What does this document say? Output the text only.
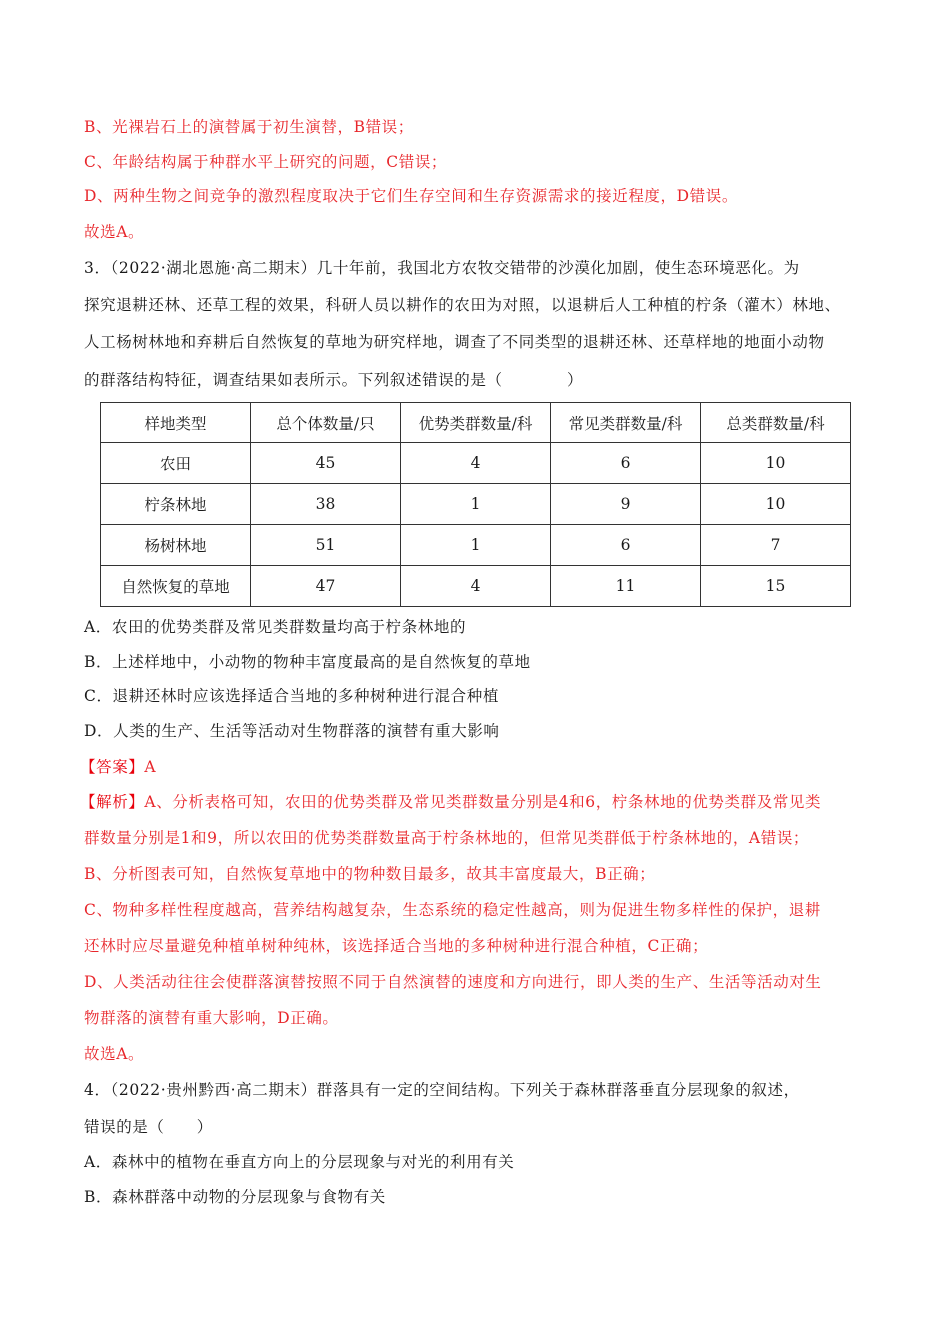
B、光裸岩石上的演替属于初生演替，B错误；
C、年龄结构属于种群水平上研究的问题，C错误；
D、两种生物之间竞争的激烈程度取决于它们生存空间和生存资源需求的接近程度，D错误。
故选A。
3．（2022·湖北恩施·高二期末）几十年前，我国北方农牧交错带的沙漠化加剧，使生态环境恶化。为
探究退耕还林、还草工程的效果，科研人员以耕作的农田为对照，以退耕后人工种植的柠条（灌木）林地、
人工杨树林地和弃耕后自然恢复的草地为研究样地，调查了不同类型的退耕还林、还草样地的地面小动物
的群落结构特征，调查结果如表所示。下列叙述错误的是（　　　　）
样地类型	总个体数量/只	优势类群数量/科	常见类群数量/科	总类群数量/科
农田	45	4	6	10
柠条林地	38	1	9	10
杨树林地	51	1	6	7
自然恢复的草地	47	4	11	15
A．农田的优势类群及常见类群数量均高于柠条林地的
B．上述样地中，小动物的物种丰富度最高的是自然恢复的草地
C．退耕还林时应该选择适合当地的多种树种进行混合种植
D．人类的生产、生活等活动对生物群落的演替有重大影响
【答案】A
【解析】A、分析表格可知，农田的优势类群及常见类群数量分别是4和6，柠条林地的优势类群及常见类
群数量分别是1和9，所以农田的优势类群数量高于柠条林地的，但常见类群低于柠条林地的，A错误；
B、分析图表可知，自然恢复草地中的物种数目最多，故其丰富度最大，B正确；
C、物种多样性程度越高，营养结构越复杂，生态系统的稳定性越高，则为促进生物多样性的保护，退耕
还林时应尽量避免种植单树种纯林，该选择适合当地的多种树种进行混合种植，C正确；
D、人类活动往往会使群落演替按照不同于自然演替的速度和方向进行，即人类的生产、生活等活动对生
物群落的演替有重大影响，D正确。
故选A。
4．（2022·贵州黔西·高二期末）群落具有一定的空间结构。下列关于森林群落垂直分层现象的叙述，
错误的是（　　）
A．森林中的植物在垂直方向上的分层现象与对光的利用有关
B．森林群落中动物的分层现象与食物有关
